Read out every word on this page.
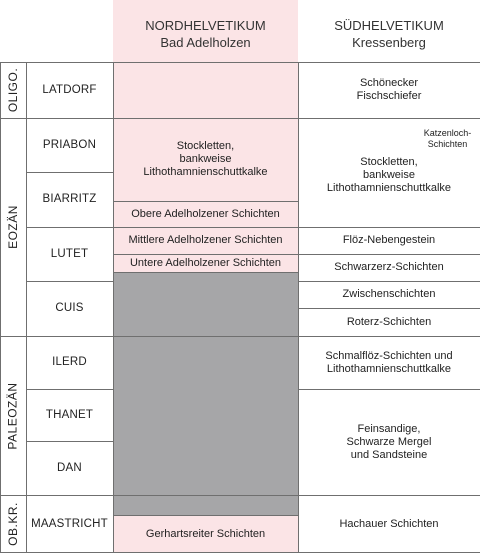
NORDHELVETIKUM
Bad Adelholzen
SÜDHELVETIKUM
Kressenberg
Stockletten,
bankweise
Lithothamnienschuttkalke
Obere Adelholzener Schichten
Mittlere Adelholzener Schichten
Untere Adelholzener Schichten
Gerhartsreiter Schichten
OLIGO.
EOZÄN
PALEOZÄN
OB.KR.
LATDORF
PRIABON
BIARRITZ
LUTET
CUIS
ILERD
THANET
DAN
MAASTRICHT
Schönecker
Fischschiefer
Katzenloch-
Schichten
Stockletten,
bankweise
Lithothamnienschuttkalke
Flöz-Nebengestein
Schwarzerz-Schichten
Zwischenschichten
Roterz-Schichten
Schmalflöz-Schichten und
Lithothamnienschuttkalke
Feinsandige,
Schwarze Mergel
und Sandsteine
Hachauer Schichten
